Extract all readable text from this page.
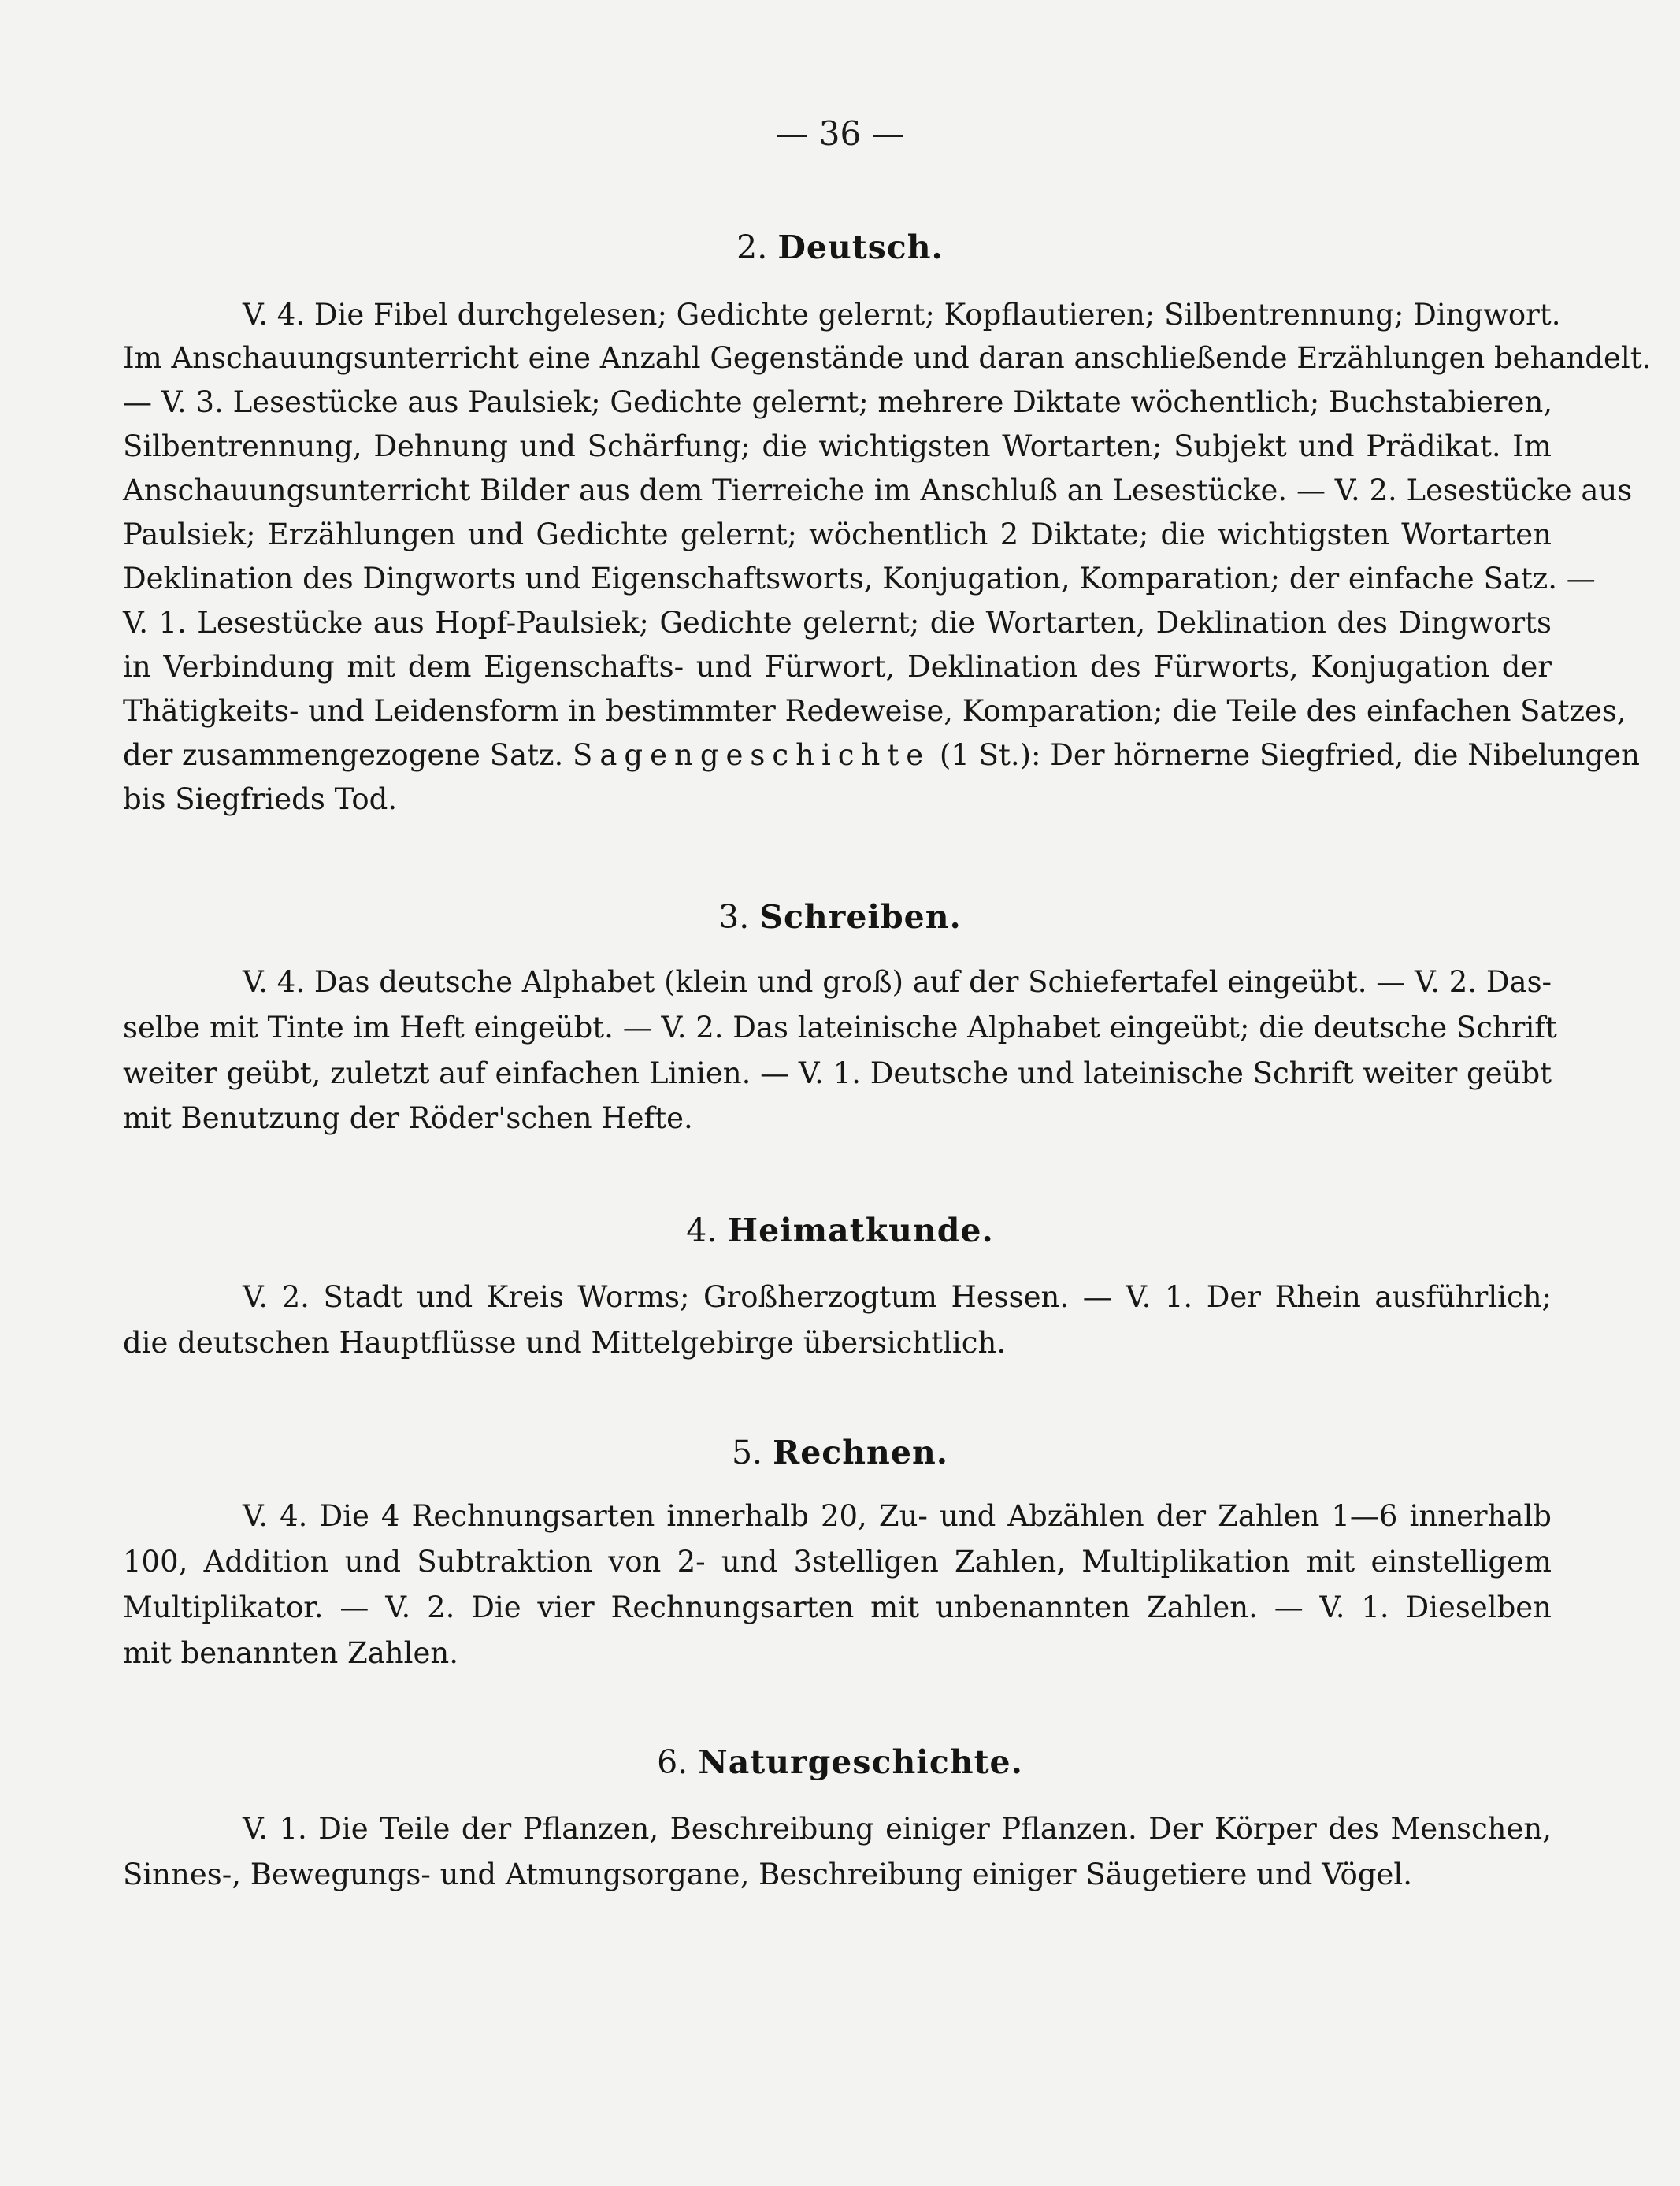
— 36 —
2. Deutsch.
V. 4. Die Fibel durchgelesen; Gedichte gelernt; Kopflautieren; Silbentrennung; Dingwort.
Im Anschauungsunterricht eine Anzahl Gegenstände und daran anschließende Erzählungen behandelt.
— V. 3. Lesestücke aus Paulsiek; Gedichte gelernt; mehrere Diktate wöchentlich; Buchstabieren,
Silbentrennung, Dehnung und Schärfung; die wichtigsten Wortarten; Subjekt und Prädikat. Im
Anschauungsunterricht Bilder aus dem Tierreiche im Anschluß an Lesestücke. — V. 2. Lesestücke aus
Paulsiek; Erzählungen und Gedichte gelernt; wöchentlich 2 Diktate; die wichtigsten Wortarten
Deklination des Dingworts und Eigenschaftsworts, Konjugation, Komparation; der einfache Satz. —
V. 1. Lesestücke aus Hopf-Paulsiek; Gedichte gelernt; die Wortarten, Deklination des Dingworts
in Verbindung mit dem Eigenschafts- und Fürwort, Deklination des Fürworts, Konjugation der
Thätigkeits- und Leidensform in bestimmter Redeweise, Komparation; die Teile des einfachen Satzes,
der zusammengezogene Satz. Sagengeschichte (1 St.): Der hörnerne Siegfried, die Nibelungen
bis Siegfrieds Tod.
3. Schreiben.
V. 4. Das deutsche Alphabet (klein und groß) auf der Schiefertafel eingeübt. — V. 2. Das-
selbe mit Tinte im Heft eingeübt. — V. 2. Das lateinische Alphabet eingeübt; die deutsche Schrift
weiter geübt, zuletzt auf einfachen Linien. — V. 1. Deutsche und lateinische Schrift weiter geübt
mit Benutzung der Röder'schen Hefte.
4. Heimatkunde.
V. 2. Stadt und Kreis Worms; Großherzogtum Hessen. — V. 1. Der Rhein ausführlich;
die deutschen Hauptflüsse und Mittelgebirge übersichtlich.
5. Rechnen.
V. 4. Die 4 Rechnungsarten innerhalb 20, Zu- und Abzählen der Zahlen 1—6 innerhalb
100, Addition und Subtraktion von 2- und 3stelligen Zahlen, Multiplikation mit einstelligem
Multiplikator. — V. 2. Die vier Rechnungsarten mit unbenannten Zahlen. — V. 1. Dieselben
mit benannten Zahlen.
6. Naturgeschichte.
V. 1. Die Teile der Pflanzen, Beschreibung einiger Pflanzen. Der Körper des Menschen,
Sinnes-, Bewegungs- und Atmungsorgane, Beschreibung einiger Säugetiere und Vögel.
